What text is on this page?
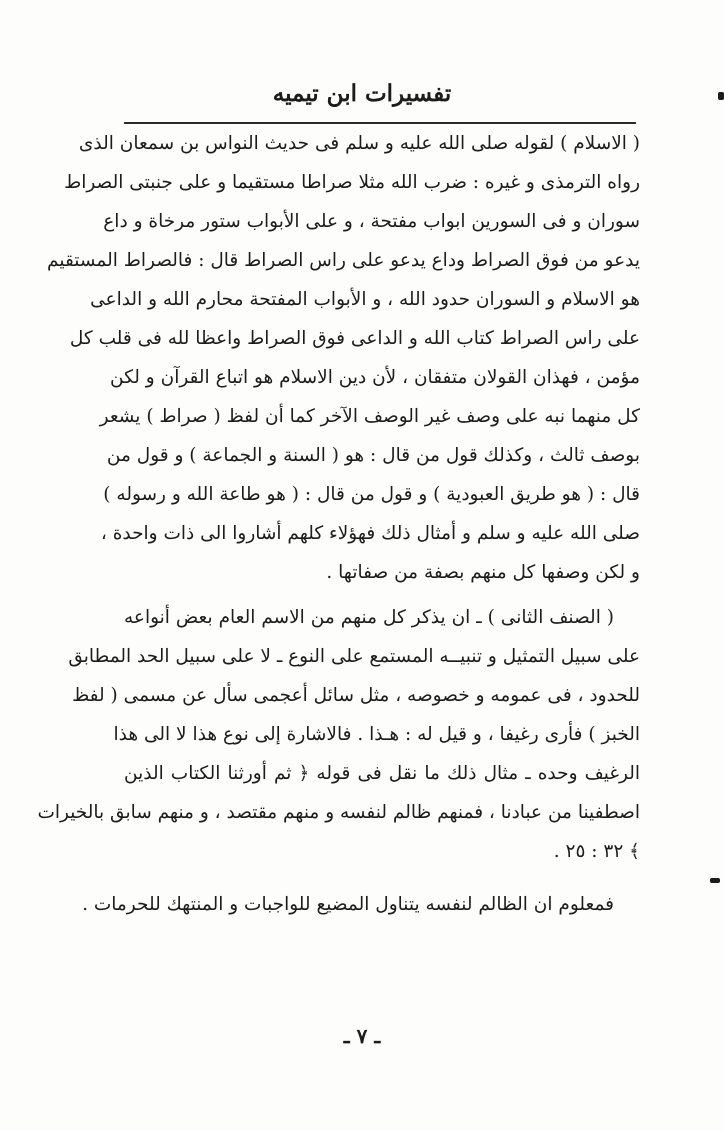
تفسيرات ابن تيميه
( الاسلام ) لقوله صلى الله عليه و سلم فى حديث النواس بن سمعان الذى
رواه الترمذى و غيره : ضرب الله مثلا صراطا مستقيما و على جنبتى الصراط
سوران و فى السورين ابواب مفتحة ، و على الأبواب ستور مرخاة و داع
يدعو من فوق الصراط وداع يدعو على راس الصراط قال : فالصراط المستقيم
هو الاسلام و السوران حدود الله ، و الأبواب المفتحة محارم الله و الداعى
على راس الصراط كتاب الله و الداعى فوق الصراط واعظا لله فى قلب كل
مؤمن ، فهذان القولان متفقان ، لأن دين الاسلام هو اتباع القرآن و لكن
كل منهما نبه على وصف غير الوصف الآخر كما أن لفظ ( صراط ) يشعر
بوصف ثالث ، وكذلك قول من قال : هو ( السنة و الجماعة ) و قول من
قال : ( هو طريق العبودية ) و قول من قال : ( هو طاعة الله و رسوله )
صلى الله عليه و سلم و أمثال ذلك فهؤلاء كلهم أشاروا الى ذات واحدة ،
و لكن وصفها كل منهم بصفة من صفاتها .
( الصنف الثانى ) ـ ان يذكر كل منهم من الاسم العام بعض أنواعه
على سبيل التمثيل و تنبيــه المستمع على النوع ـ لا على سبيل الحد المطابق
للحدود ، فى عمومه و خصوصه ، مثل سائل أعجمى سأل عن مسمى ( لفظ
الخبز ) فأرى رغيفا ، و قيل له : هـذا . فالاشارة إلى نوع هذا لا الى هذا
الرغيف وحده ـ مثال ذلك ما نقل فى قوله ﴿ ثم أورثنا الكتاب الذين
اصطفينا من عبادنا ، فمنهم ظالم لنفسه و منهم مقتصد ، و منهم سابق بالخيرات
﴾ ٣٢ : ٢٥ .
فمعلوم ان الظالم لنفسه يتناول المضيع للواجبات و المنتهك للحرمات .
ـ ٧ ـ
